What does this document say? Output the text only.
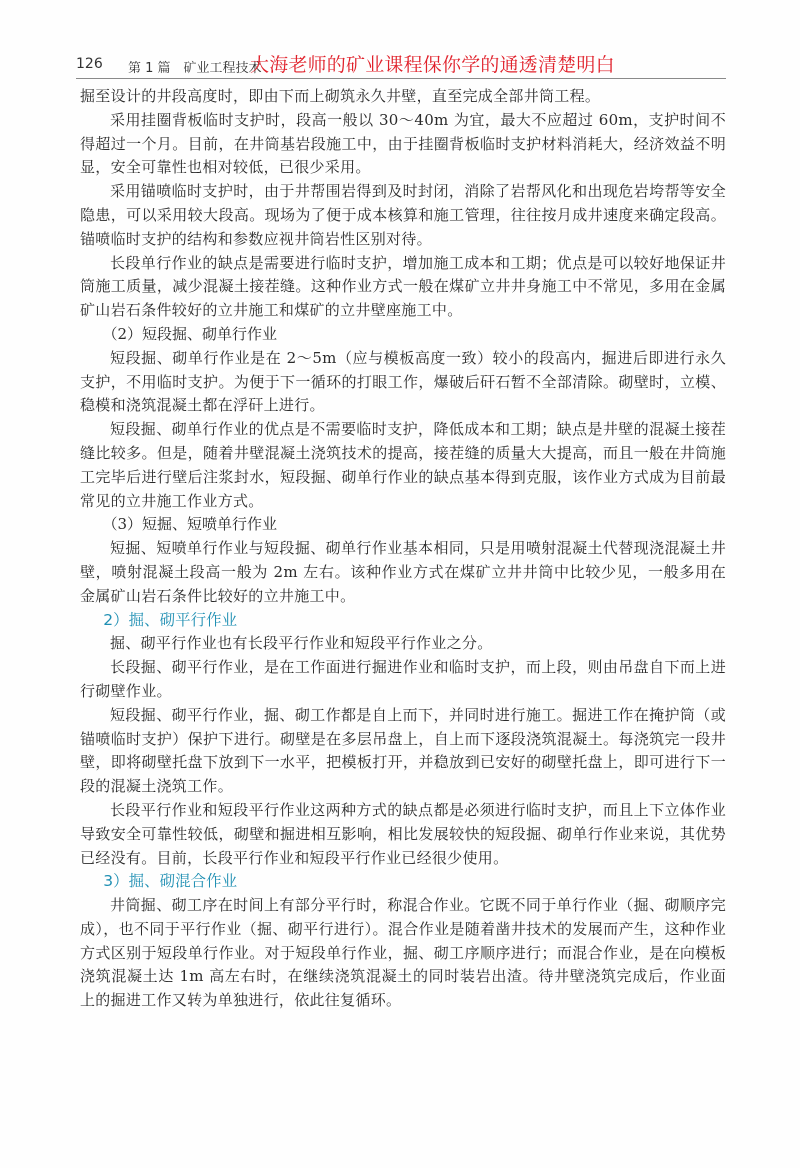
126 第 1 篇　矿业工程技术
大海老师的矿业课程保你学的通透清楚明白

掘至设计的井段高度时，即由下而上砌筑永久井壁，直至完成全部井筒工程。

采用挂圈背板临时支护时，段高一般以 30～40m 为宜，最大不应超过 60m，支护时间不得超过一个月。目前，在井筒基岩段施工中，由于挂圈背板临时支护材料消耗大，经济效益不明显，安全可靠性也相对较低，已很少采用。

采用锚喷临时支护时，由于井帮围岩得到及时封闭，消除了岩帮风化和出现危岩垮帮等安全隐患，可以采用较大段高。现场为了便于成本核算和施工管理，往往按月成井速度来确定段高。锚喷临时支护的结构和参数应视井筒岩性区别对待。

长段单行作业的缺点是需要进行临时支护，增加施工成本和工期；优点是可以较好地保证井筒施工质量，减少混凝土接茬缝。这种作业方式一般在煤矿立井井身施工中不常见，多用在金属矿山岩石条件较好的立井施工和煤矿的立井壁座施工中。

（2）短段掘、砌单行作业

短段掘、砌单行作业是在 2～5m（应与模板高度一致）较小的段高内，掘进后即进行永久支护，不用临时支护。为便于下一循环的打眼工作，爆破后矸石暂不全部清除。砌壁时，立模、稳模和浇筑混凝土都在浮矸上进行。

短段掘、砌单行作业的优点是不需要临时支护，降低成本和工期；缺点是井壁的混凝土接茬缝比较多。但是，随着井壁混凝土浇筑技术的提高，接茬缝的质量大大提高，而且一般在井筒施工完毕后进行壁后注浆封水，短段掘、砌单行作业的缺点基本得到克服，该作业方式成为目前最常见的立井施工作业方式。

（3）短掘、短喷单行作业

短掘、短喷单行作业与短段掘、砌单行作业基本相同，只是用喷射混凝土代替现浇混凝土井壁，喷射混凝土段高一般为 2m 左右。该种作业方式在煤矿立井井筒中比较少见，一般多用在金属矿山岩石条件比较好的立井施工中。

2）掘、砌平行作业

掘、砌平行作业也有长段平行作业和短段平行作业之分。

长段掘、砌平行作业，是在工作面进行掘进作业和临时支护，而上段，则由吊盘自下而上进行砌壁作业。

短段掘、砌平行作业，掘、砌工作都是自上而下，并同时进行施工。掘进工作在掩护筒（或锚喷临时支护）保护下进行。砌壁是在多层吊盘上，自上而下逐段浇筑混凝土。每浇筑完一段井壁，即将砌壁托盘下放到下一水平，把模板打开，并稳放到已安好的砌壁托盘上，即可进行下一段的混凝土浇筑工作。

长段平行作业和短段平行作业这两种方式的缺点都是必须进行临时支护，而且上下立体作业导致安全可靠性较低，砌壁和掘进相互影响，相比发展较快的短段掘、砌单行作业来说，其优势已经没有。目前，长段平行作业和短段平行作业已经很少使用。

3）掘、砌混合作业

井筒掘、砌工序在时间上有部分平行时，称混合作业。它既不同于单行作业（掘、砌顺序完成），也不同于平行作业（掘、砌平行进行）。混合作业是随着凿井技术的发展而产生，这种作业方式区别于短段单行作业。对于短段单行作业，掘、砌工序顺序进行；而混合作业，是在向模板浇筑混凝土达 1m 高左右时，在继续浇筑混凝土的同时装岩出渣。待井壁浇筑完成后，作业面上的掘进工作又转为单独进行，依此往复循环。
